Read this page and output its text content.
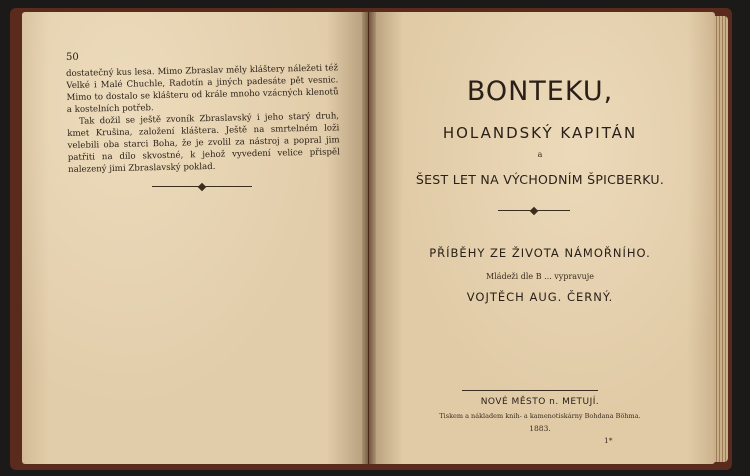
50

dostatečný kus lesa. Mimo Zbraslav měly kláštery náležeti též Velké i Malé Chuchle, Radotín a jiných padesáte pět vesnic. Mimo to dostalo se klášteru od krále mnoho vzácných klenotů a kostelních potřeb.

Tak dožil se ještě zvoník Zbraslavský i jeho starý druh, kmet Krušina, založení kláštera. Ještě na smrtelném loži velebili oba starci Boha, že je zvolil za nástroj a popral jim patřiti na dílo skvostné, k jehož vyvedení velice přispěl nalezený jimi Zbraslavský poklad.

BONTEKU,
HOLANDSKÝ KAPITÁN
a
ŠEST LET NA VÝCHODNÍM ŠPICBERKU.
PŘÍBĚHY ZE ŽIVOTA NÁMOŘNÍHO.
Mládeži dle B ... vypravuje
VOJTĚCH AUG. ČERNÝ.
NOVÉ MĚSTO n. METUJÍ.
Tiskem a nákladem knih- a kamenotiskárny Bohdana Böhma.
1883.
1*
